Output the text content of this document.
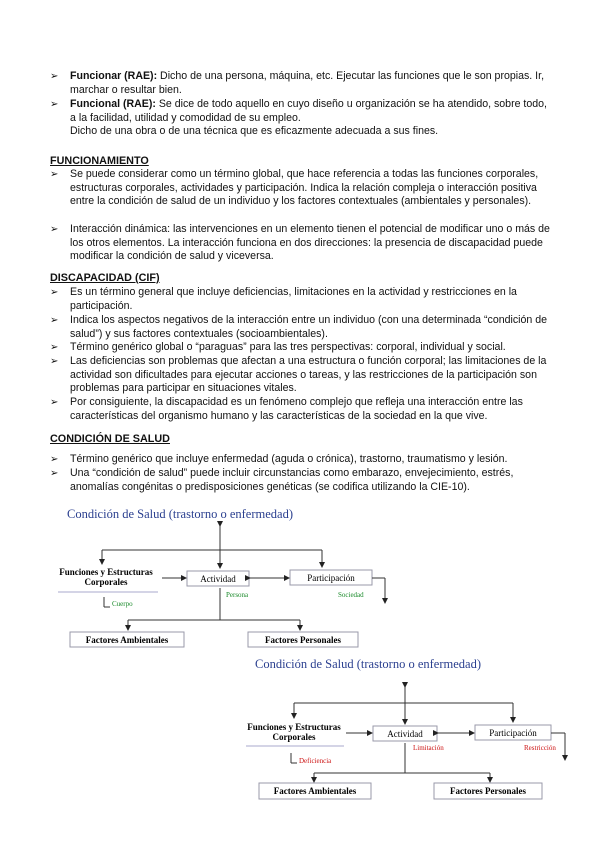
➢	Funcionar (RAE): Dicho de una persona, máquina, etc. Ejecutar las funciones que le son propias. Ir, marchar o resultar bien.
➢	Funcional (RAE): Se dice de todo aquello en cuyo diseño u organización se ha atendido, sobre todo, a la facilidad, utilidad y comodidad de su empleo.
Dicho de una obra o de una técnica que es eficazmente adecuada a sus fines.
FUNCIONAMIENTO
➢	Se puede considerar como un término global, que hace referencia a todas las funciones corporales, estructuras corporales, actividades y participación. Indica la relación compleja o interacción positiva entre la condición de salud de un individuo y los factores contextuales (ambientales y personales).
➢	Interacción dinámica: las intervenciones en un elemento tienen el potencial de modificar uno o más de los otros elementos. La interacción funciona en dos direcciones: la presencia de discapacidad puede modificar la condición de salud y viceversa.
DISCAPACIDAD (CIF)
➢	Es un término general que incluye deficiencias, limitaciones en la actividad y restricciones en la participación.
➢	Indica los aspectos negativos de la interacción entre un individuo (con una determinada “condición de salud”) y sus factores contextuales (socioambientales).
➢	Término genérico global o “paraguas” para las tres perspectivas: corporal, individual y social.
➢	Las deficiencias son problemas que afectan a una estructura o función corporal; las limitaciones de la actividad son dificultades para ejecutar acciones o tareas, y las restricciones de la participación son problemas para participar en situaciones vitales.
➢	Por consiguiente, la discapacidad es un fenómeno complejo que refleja una interacción entre las características del organismo humano y las características de la sociedad en la que vive.
CONDICIÓN DE SALUD
➢	Término genérico que incluye enfermedad (aguda o crónica), trastorno, traumatismo y lesión.
➢	Una “condición de salud” puede incluir circunstancias como embarazo, envejecimiento, estrés, anomalías congénitas o predisposiciones genéticas (se codifica utilizando la CIE-10).
Condición de Salud (trastorno o enfermedad)
Funciones y Estructuras
Corporales	Actividad	Participación
Cuerpo
Persona	Sociedad
Factores Ambientales	Factores Personales
Condición de Salud (trastorno o enfermedad)
Funciones y Estructuras
Corporales	Actividad	Participación
Limitación	Restricción
Deficiencia
Factores Ambientales	Factores Personales
